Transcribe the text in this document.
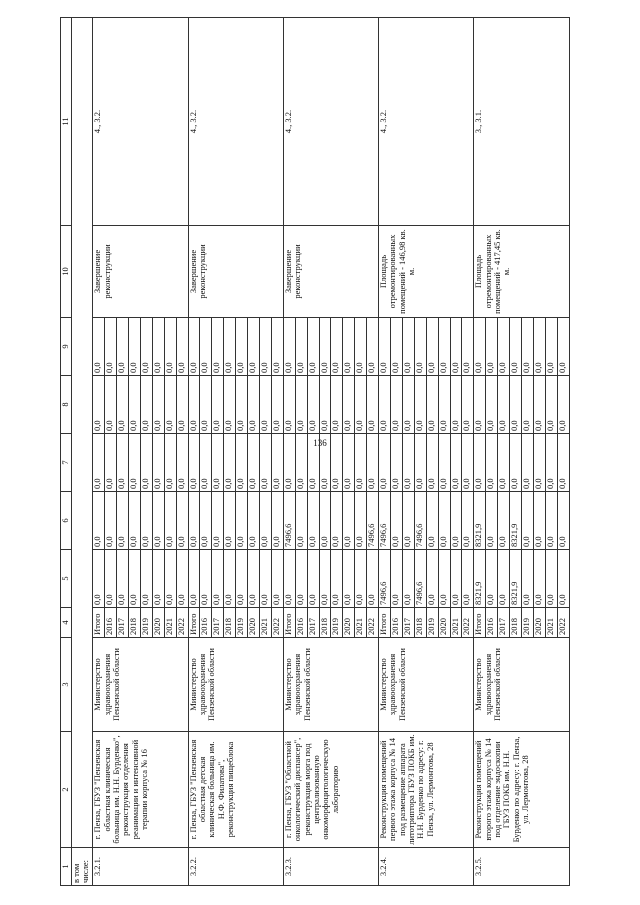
136
1	2	3	4	5	6	7	8	9	10	11
в том числе:										
3.2.1.	г. Пенза, ГБУЗ "Пензенская областная клиническая больница им. Н.Н. Бурденко", реконструкция отделения реанимации и интенсивной терапии корпуса № 16	Министерство здравоохранения Пензенской области	Итого	0,0	0,0	0,0	0,0	0,0	Завершение реконструкции	4., 3.2.
			2016	0,0	0,0	0,0	0,0	0,0		
			2017	0,0	0,0	0,0	0,0	0,0		
			2018	0,0	0,0	0,0	0,0	0,0		
			2019	0,0	0,0	0,0	0,0	0,0		
			2020	0,0	0,0	0,0	0,0	0,0		
			2021	0,0	0,0	0,0	0,0	0,0		
			2022	0,0	0,0	0,0	0,0	0,0		
3.2.2.	г. Пенза, ГБУЗ "Пензенская областная детская клиническая больница им. Н.Ф. Филатова", реконструкция пищеблока	Министерство здравоохранения Пензенской области	Итого	0,0	0,0	0,0	0,0	0,0	Завершение реконструкции	4., 3.2.
			2016	0,0	0,0	0,0	0,0	0,0		
			2017	0,0	0,0	0,0	0,0	0,0		
			2018	0,0	0,0	0,0	0,0	0,0		
			2019	0,0	0,0	0,0	0,0	0,0		
			2020	0,0	0,0	0,0	0,0	0,0		
			2021	0,0	0,0	0,0	0,0	0,0		
			2022	0,0	0,0	0,0	0,0	0,0		
3.2.3.	г. Пенза, ГБУЗ "Областной онкологический диспансер", реконструкция морга под централизованную онкоморфоцитологическую лабораторию	Министерство здравоохранения Пензенской области	Итого	0,0	7496,6	0,0	0,0	0,0	Завершение реконструкции	4., 3.2.
			2016	0,0	0,0	0,0	0,0	0,0		
			2017	0,0	0,0	0,0	0,0	0,0		
			2018	0,0	0,0	0,0	0,0	0,0		
			2019	0,0	0,0	0,0	0,0	0,0		
			2020	0,0	0,0	0,0	0,0	0,0		
			2021	0,0	0,0	0,0	0,0	0,0		
			2022	0,0	7496,6	0,0	0,0	0,0		
3.2.4.	Реконструкция помещений первого этажа корпуса № 14 под размещение аппарата литотриптора ГБУЗ ПОКБ им. Н.Н. Бурденко по адресу: г. Пенза, ул. Лермонтова, 28	Министерство здравоохранения Пензенской области	Итого	7496,6	7496,6	0,0	0,0	0,0	Площадь отремонтированных помещений - 146,98 кв. м.	4., 3.2.
			2016	0,0	0,0	0,0	0,0	0,0		
			2017	0,0	0,0	0,0	0,0	0,0		
			2018	7496,6	7496,6	0,0	0,0	0,0		
			2019	0,0	0,0	0,0	0,0	0,0		
			2020	0,0	0,0	0,0	0,0	0,0		
			2021	0,0	0,0	0,0	0,0	0,0		
			2022	0,0	0,0	0,0	0,0	0,0		
3.2.5.	Реконструкция помещений второго этажа корпуса № 14 под отделение эндоскопии ГБУЗ ПОКБ им. Н.Н. Бурденко по адресу: г. Пенза, ул. Лермонтова, 28	Министерство здравоохранения Пензенской области	Итого	8321,9	8321,9	0,0	0,0	0,0	Площадь отремонтированных помещений - 417,45 кв. м.	3., 3.1.
			2016	0,0	0,0	0,0	0,0	0,0		
			2017	0,0	0,0	0,0	0,0	0,0		
			2018	8321,9	8321,9	0,0	0,0	0,0		
			2019	0,0	0,0	0,0	0,0	0,0		
			2020	0,0	0,0	0,0	0,0	0,0		
			2021	0,0	0,0	0,0	0,0	0,0		
			2022	0,0	0,0	0,0	0,0	0,0		
